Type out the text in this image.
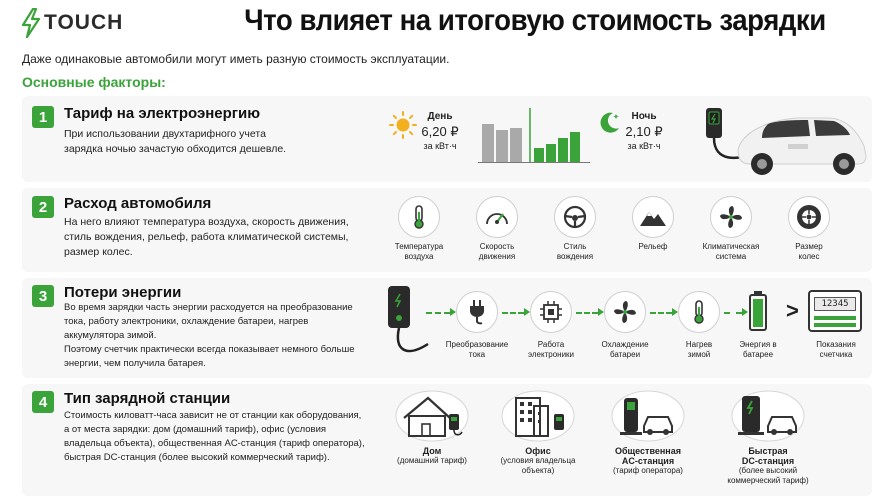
TOUCH	Что влияет на итоговую стоимость зарядки
Даже одинаковые автомобили могут иметь разную стоимость эксплуатации.
Основные факторы:
1	Тариф на электроэнергию
При использовании двухтарифного учета
зарядка ночью зачастую обходится дешевле.
День
6,20 ₽
за кВт·ч
Ночь
2,10 ₽
за кВт·ч
2	Расход автомобиля
На него влияют температура воздуха, скорость движения,
стиль вождения, рельеф, работа климатической системы,
размер колес.	Температура
воздуха
Скорость
движения
Стиль
вождения
Рельеф	Климатическая
система
Размер
колес
3	Потери энергии
Во время зарядки часть энергии расходуется на преобразование
тока, работу электроники, охлаждение батареи, нагрев
аккумулятора зимой.
Поэтому счетчик практически всегда показывает немного больше
энергии, чем получила батарея.
Преобразование
тока
Работа
электроники
Охлаждение
батареи
Нагрев
зимой
Энергия в
батарее
>	12345
Показания
счетчика
4	Тип зарядной станции
Стоимость киловатт-часа зависит не от станции как оборудования,
а от места зарядки: дом (домашний тариф), офис (условия
владельца объекта), общественная AC-станция (тариф оператора),
быстрая DC-станция (более высокий коммерческий тариф).
Дом
(домашний тариф)
Офис
(условия владельца
объекта)
Общественная
AC-станция
(тариф оператора)
Быстрая
DC-станция
(более высокий
коммерческий тариф)
